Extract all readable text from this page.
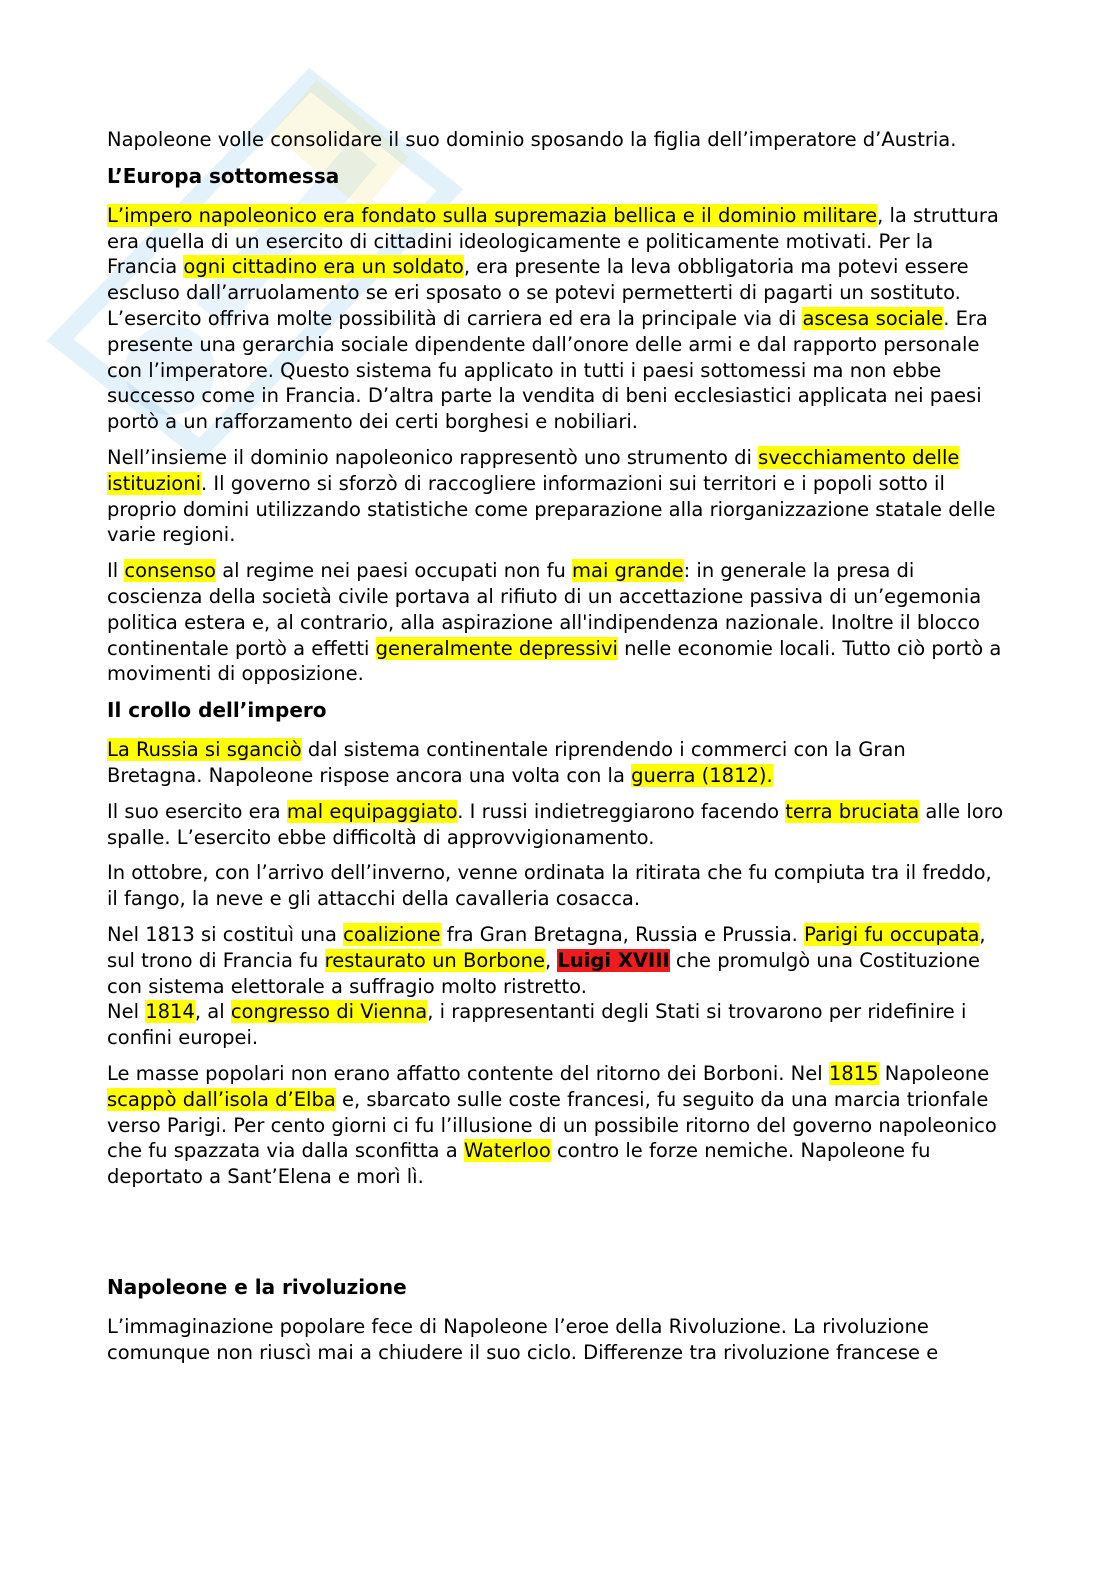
Napoleone volle consolidare il suo dominio sposando la figlia dell’imperatore d’Austria.

L’Europa sottomessa

L’impero napoleonico era fondato sulla supremazia bellica e il dominio militare, la struttura era quella di un esercito di cittadini ideologicamente e politicamente motivati. Per la Francia ogni cittadino era un soldato, era presente la leva obbligatoria ma potevi essere escluso dall’arruolamento se eri sposato o se potevi permetterti di pagarti un sostituto. L’esercito offriva molte possibilità di carriera ed era la principale via di ascesa sociale. Era presente una gerarchia sociale dipendente dall’onore delle armi e dal rapporto personale con l’imperatore. Questo sistema fu applicato in tutti i paesi sottomessi ma non ebbe successo come in Francia. D’altra parte la vendita di beni ecclesiastici applicata nei paesi portò a un rafforzamento dei certi borghesi e nobiliari.

Nell’insieme il dominio napoleonico rappresentò uno strumento di svecchiamento delle istituzioni. Il governo si sforzò di raccogliere informazioni sui territori e i popoli sotto il proprio domini utilizzando statistiche come preparazione alla riorganizzazione statale delle varie regioni.

Il consenso al regime nei paesi occupati non fu mai grande: in generale la presa di coscienza della società civile portava al rifiuto di un accettazione passiva di un’egemonia politica estera e, al contrario, alla aspirazione all'indipendenza nazionale. Inoltre il blocco continentale portò a effetti generalmente depressivi nelle economie locali. Tutto ciò portò a movimenti di opposizione.

Il crollo dell’impero

La Russia si sganciò dal sistema continentale riprendendo i commerci con la Gran Bretagna. Napoleone rispose ancora una volta con la guerra (1812).

Il suo esercito era mal equipaggiato. I russi indietreggiarono facendo terra bruciata alle loro spalle. L’esercito ebbe difficoltà di approvvigionamento.

In ottobre, con l’arrivo dell’inverno, venne ordinata la ritirata che fu compiuta tra il freddo, il fango, la neve e gli attacchi della cavalleria cosacca.

Nel 1813 si costituì una coalizione fra Gran Bretagna, Russia e Prussia. Parigi fu occupata, sul trono di Francia fu restaurato un Borbone, Luigi XVIII che promulgò una Costituzione con sistema elettorale a suffragio molto ristretto.
Nel 1814, al congresso di Vienna, i rappresentanti degli Stati si trovarono per ridefinire i confini europei.

Le masse popolari non erano affatto contente del ritorno dei Borboni. Nel 1815 Napoleone scappò dall’isola d’Elba e, sbarcato sulle coste francesi, fu seguito da una marcia trionfale verso Parigi. Per cento giorni ci fu l’illusione di un possibile ritorno del governo napoleonico che fu spazzata via dalla sconfitta a Waterloo contro le forze nemiche. Napoleone fu deportato a Sant’Elena e morì lì.

Napoleone e la rivoluzione

L’immaginazione popolare fece di Napoleone l’eroe della Rivoluzione. La rivoluzione comunque non riuscì mai a chiudere il suo ciclo. Differenze tra rivoluzione francese e
